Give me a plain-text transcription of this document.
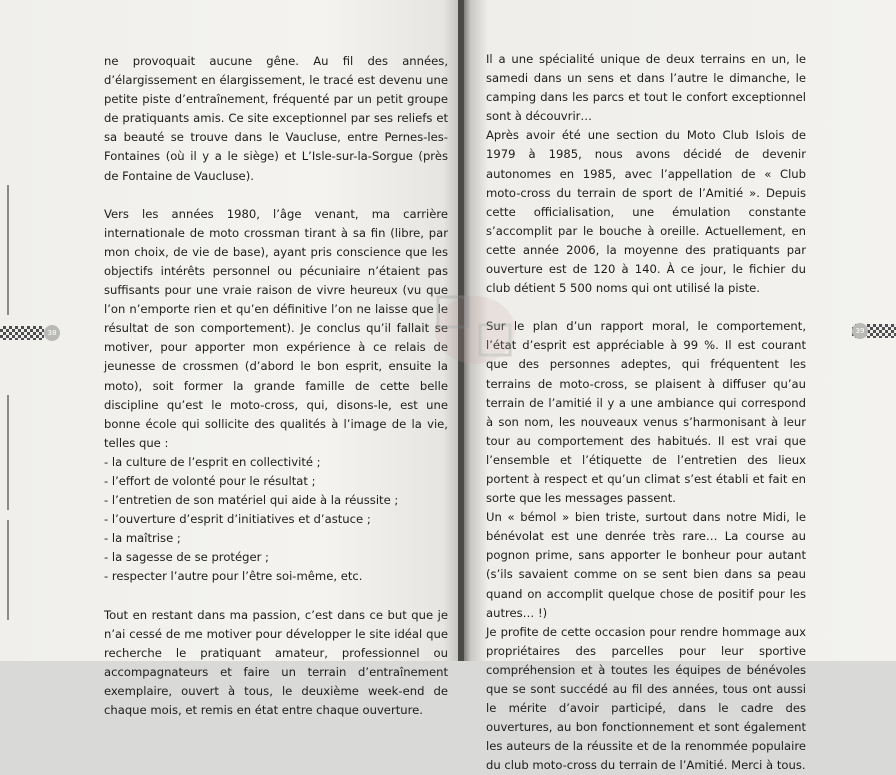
ne provoquait aucune gêne. Au fil des années, d’élargissement en élargissement, le tracé est devenu une petite piste d’entraînement, fréquenté par un petit groupe de pratiquants amis. Ce site exceptionnel par ses reliefs et sa beauté se trouve dans le Vaucluse, entre Pernes-les-Fontaines (où il y a le siège) et L’Isle-sur-la-Sorgue (près de Fontaine de Vaucluse).

Vers les années 1980, l’âge venant, ma carrière internationale de moto crossman tirant à sa fin (libre, par mon choix, de vie de base), ayant pris conscience que les objectifs intérêts personnel ou pécuniaire n’étaient pas suffisants pour une vraie raison de vivre heureux (vu que l’on n’emporte rien et qu’en définitive l’on ne laisse que le résultat de son comportement). Je conclus qu’il fallait se motiver, pour apporter mon expérience à ce relais de jeunesse de crossmen (d’abord le bon esprit, ensuite la moto), soit former la grande famille de cette belle discipline qu’est le moto-cross, qui, disons-le, est une bonne école qui sollicite des qualités à l’image de la vie, telles que :

- la culture de l’esprit en collectivité ;
- l’effort de volonté pour le résultat ;
- l’entretien de son matériel qui aide à la réussite ;
- l’ouverture d’esprit d’initiatives et d’astuce ;
- la maîtrise ;
- la sagesse de se protéger ;
- respecter l’autre pour l’être soi-même, etc.

Tout en restant dans ma passion, c’est dans ce but que je n’ai cessé de me motiver pour développer le site idéal que recherche le pratiquant amateur, professionnel ou accompagnateurs et faire un terrain d’entraînement exemplaire, ouvert à tous, le deuxième week-end de chaque mois, et remis en état entre chaque ouverture.

Il a une spécialité unique de deux terrains en un, le samedi dans un sens et dans l’autre le dimanche, le camping dans les parcs et tout le confort exceptionnel sont à découvrir…

Après avoir été une section du Moto Club Islois de 1979 à 1985, nous avons décidé de devenir autonomes en 1985, avec l’appellation de « Club moto-cross du terrain de sport de l’Amitié ». Depuis cette officialisation, une émulation constante s’accomplit par le bouche à oreille. Actuellement, en cette année 2006, la moyenne des pratiquants par ouverture est de 120 à 140. À ce jour, le fichier du club détient 5 500 noms qui ont utilisé la piste.

Sur le plan d’un rapport moral, le comportement, l’état d’esprit est appréciable à 99 %. Il est courant que des personnes adeptes, qui fréquentent les terrains de moto-cross, se plaisent à diffuser qu’au terrain de l’amitié il y a une ambiance qui correspond à son nom, les nouveaux venus s’harmonisant à leur tour au comportement des habitués. Il est vrai que l’ensemble et l’étiquette de l’entretien des lieux portent à respect et qu’un climat s’est établi et fait en sorte que les messages passent.

Un « bémol » bien triste, surtout dans notre Midi, le bénévolat est une denrée très rare… La course au pognon prime, sans apporter le bonheur pour autant (s’ils savaient comme on se sent bien dans sa peau quand on accomplit quelque chose de positif pour les autres… !)

Je profite de cette occasion pour rendre hommage aux propriétaires des parcelles pour leur sportive compréhension et à toutes les équipes de bénévoles que se sont succédé au fil des années, tous ont aussi le mérite d’avoir participé, dans le cadre des ouvertures, au bon fonctionnement et sont également les auteurs de la réussite et de la renommée populaire du club moto-cross du terrain de l’Amitié. Merci à tous.

38	39
